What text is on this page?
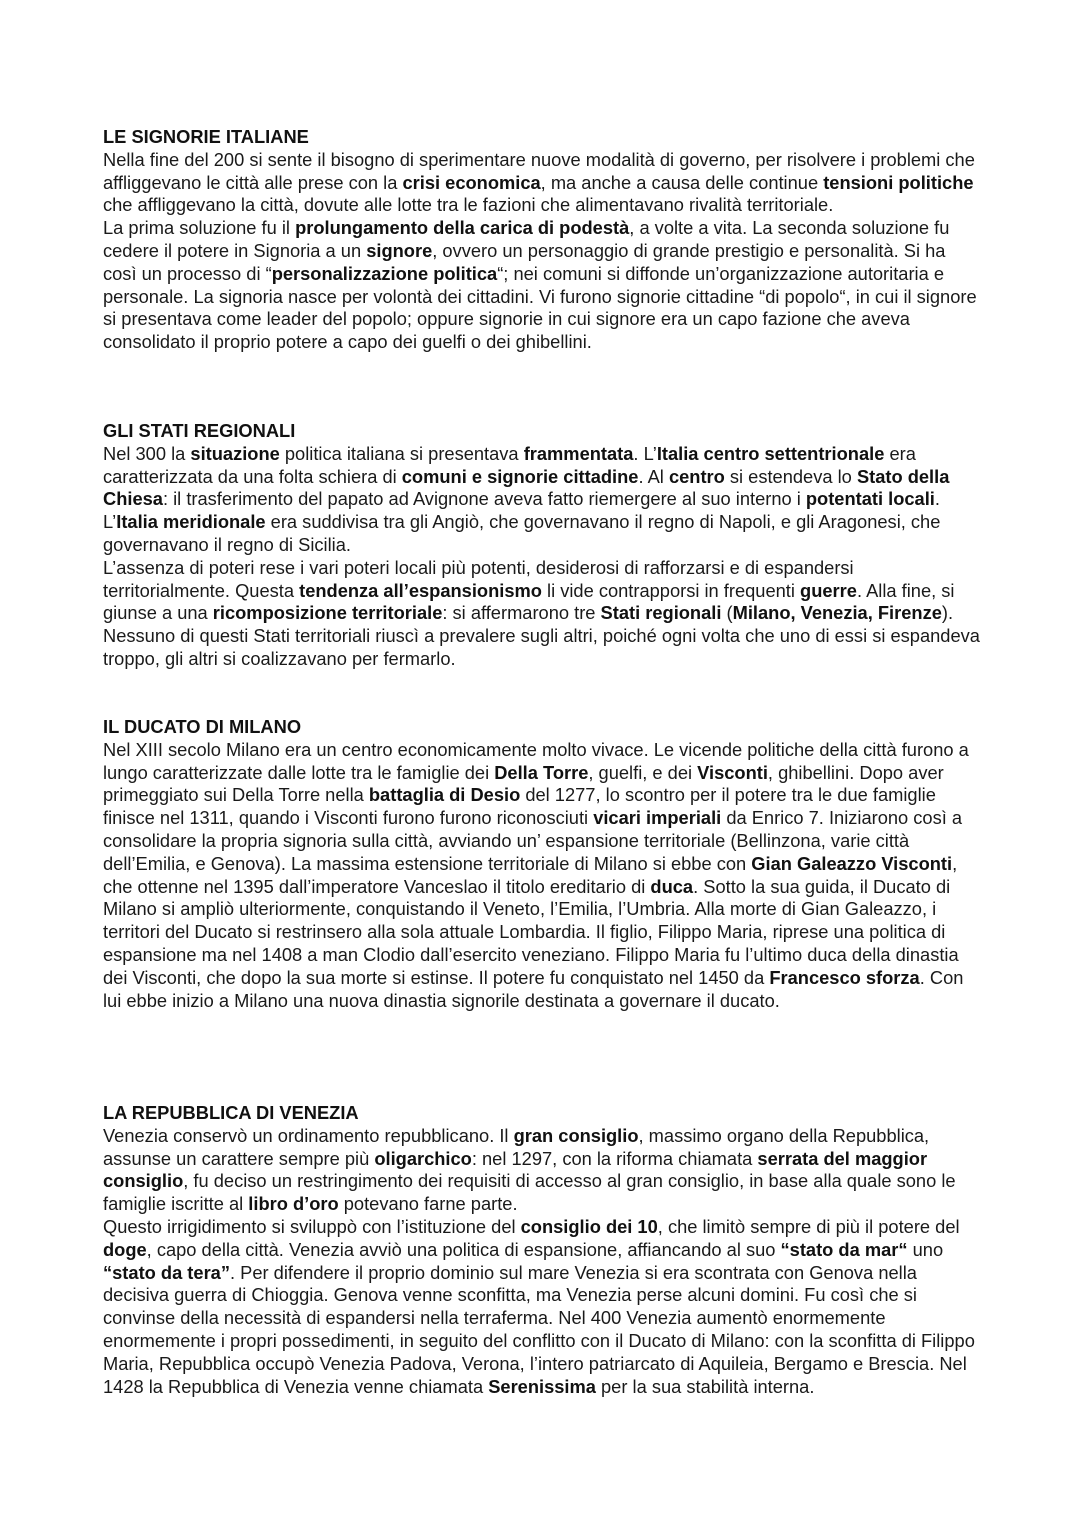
LE SIGNORIE ITALIANE

Nella fine del 200 si sente il bisogno di sperimentare nuove modalità di governo, per risolvere i problemi che affliggevano le città alle prese con la crisi economica, ma anche a causa delle continue tensioni politiche che affliggevano la città, dovute alle lotte tra le fazioni che alimentavano rivalità territoriale.

La prima soluzione fu il prolungamento della carica di podestà, a volte a vita. La seconda soluzione fu cedere il potere in Signoria a un signore, ovvero un personaggio di grande prestigio e personalità. Si ha così un processo di “personalizzazione politica“; nei comuni si diffonde un’organizzazione autoritaria e personale. La signoria nasce per volontà dei cittadini. Vi furono signorie cittadine “di popolo“, in cui il signore si presentava come leader del popolo; oppure signorie in cui signore era un capo fazione che aveva consolidato il proprio potere a capo dei guelfi o dei ghibellini.

GLI STATI REGIONALI

Nel 300 la situazione politica italiana si presentava frammentata. L’Italia centro settentrionale era caratterizzata da una folta schiera di comuni e signorie cittadine. Al centro si estendeva lo Stato della Chiesa: il trasferimento del papato ad Avignone aveva fatto riemergere al suo interno i potentati locali. L’Italia meridionale era suddivisa tra gli Angiò, che governavano il regno di Napoli, e gli Aragonesi, che governavano il regno di Sicilia.

L’assenza di poteri rese i vari poteri locali più potenti, desiderosi di rafforzarsi e di espandersi territorialmente. Questa tendenza all’espansionismo li vide contrapporsi in frequenti guerre. Alla fine, si giunse a una ricomposizione territoriale: si affermarono tre Stati regionali (Milano, Venezia, Firenze). Nessuno di questi Stati territoriali riuscì a prevalere sugli altri, poiché ogni volta che uno di essi si espandeva troppo, gli altri si coalizzavano per fermarlo.

IL DUCATO DI MILANO

Nel XIII secolo Milano era un centro economicamente molto vivace. Le vicende politiche della città furono a lungo caratterizzate dalle lotte tra le famiglie dei Della Torre, guelfi, e dei Visconti, ghibellini. Dopo aver primeggiato sui Della Torre nella battaglia di Desio del 1277, lo scontro per il potere tra le due famiglie finisce nel 1311, quando i Visconti furono furono riconosciuti vicari imperiali da Enrico 7. Iniziarono così a consolidare la propria signoria sulla città, avviando un’ espansione territoriale (Bellinzona, varie città dell’Emilia, e Genova). La massima estensione territoriale di Milano si ebbe con Gian Galeazzo Visconti, che ottenne nel 1395 dall’imperatore Vanceslao il titolo ereditario di duca. Sotto la sua guida, il Ducato di Milano si ampliò ulteriormente, conquistando il Veneto, l’Emilia, l’Umbria. Alla morte di Gian Galeazzo, i territori del Ducato si restrinsero alla sola attuale Lombardia. Il figlio, Filippo Maria, riprese una politica di espansione ma nel 1408 a man Clodio dall’esercito veneziano. Filippo Maria fu l’ultimo duca della dinastia dei Visconti, che dopo la sua morte si estinse. Il potere fu conquistato nel 1450 da Francesco sforza. Con lui ebbe inizio a Milano una nuova dinastia signorile destinata a governare il ducato.

LA REPUBBLICA DI VENEZIA

Venezia conservò un ordinamento repubblicano. Il gran consiglio, massimo organo della Repubblica, assunse un carattere sempre più oligarchico: nel 1297, con la riforma chiamata serrata del maggior consiglio, fu deciso un restringimento dei requisiti di accesso al gran consiglio, in base alla quale sono le famiglie iscritte al libro d’oro potevano farne parte.

Questo irrigidimento si sviluppò con l’istituzione del consiglio dei 10, che limitò sempre di più il potere del doge, capo della città. Venezia avviò una politica di espansione, affiancando al suo “stato da mar“ uno “stato da tera”. Per difendere il proprio dominio sul mare Venezia si era scontrata con Genova nella decisiva guerra di Chioggia. Genova venne sconfitta, ma Venezia perse alcuni domini. Fu così che si convinse della necessità di espandersi nella terraferma. Nel 400 Venezia aumentò enormemente enormemente i propri possedimenti, in seguito del conflitto con il Ducato di Milano: con la sconfitta di Filippo Maria, Repubblica occupò Venezia Padova, Verona, l’intero patriarcato di Aquileia, Bergamo e Brescia. Nel 1428 la Repubblica di Venezia venne chiamata Serenissima per la sua stabilità interna.
